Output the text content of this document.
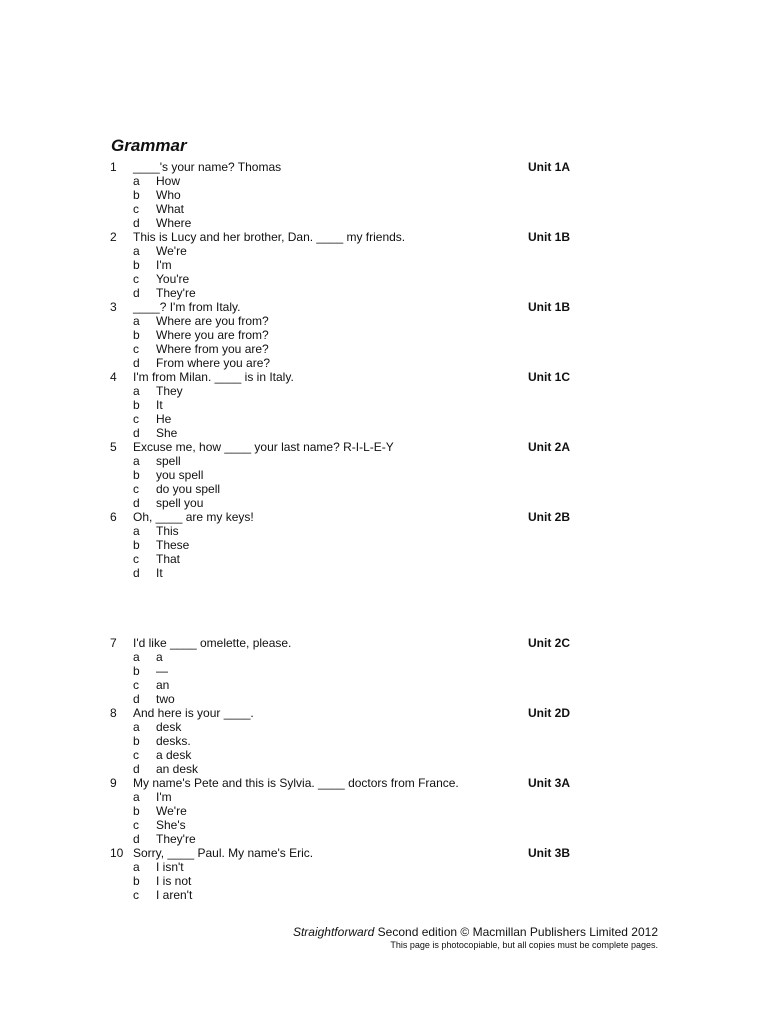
Grammar
1 ____'s your name? Thomas	Unit 1A
a How
b Who
c What
d Where
2 This is Lucy and her brother, Dan. ____ my friends.	Unit 1B
a We're
b I'm
c You're
d They're
3 ____? I'm from Italy.	Unit 1B
a Where are you from?
b Where you are from?
c Where from you are?
d From where you are?
4 I'm from Milan. ____ is in Italy.	Unit 1C
a They
b It
c He
d She
5 Excuse me, how ____ your last name? R-I-L-E-Y	Unit 2A
a spell
b you spell
c do you spell
d spell you
6 Oh, ____ are my keys!	Unit 2B
a This
b These
c That
d It
7 I'd like ____ omelette, please.	Unit 2C
a a
b —
c an
d two
8 And here is your ____.	Unit 2D
a desk
b desks.
c a desk
d an desk
9 My name's Pete and this is Sylvia. ____ doctors from France.	Unit 3A
a I'm
b We're
c She's
d They're
10 Sorry, ____ Paul. My name's Eric.	Unit 3B
a I isn't
b I is not
c I aren't
Straightforward Second edition © Macmillan Publishers Limited 2012
This page is photocopiable, but all copies must be complete pages.
